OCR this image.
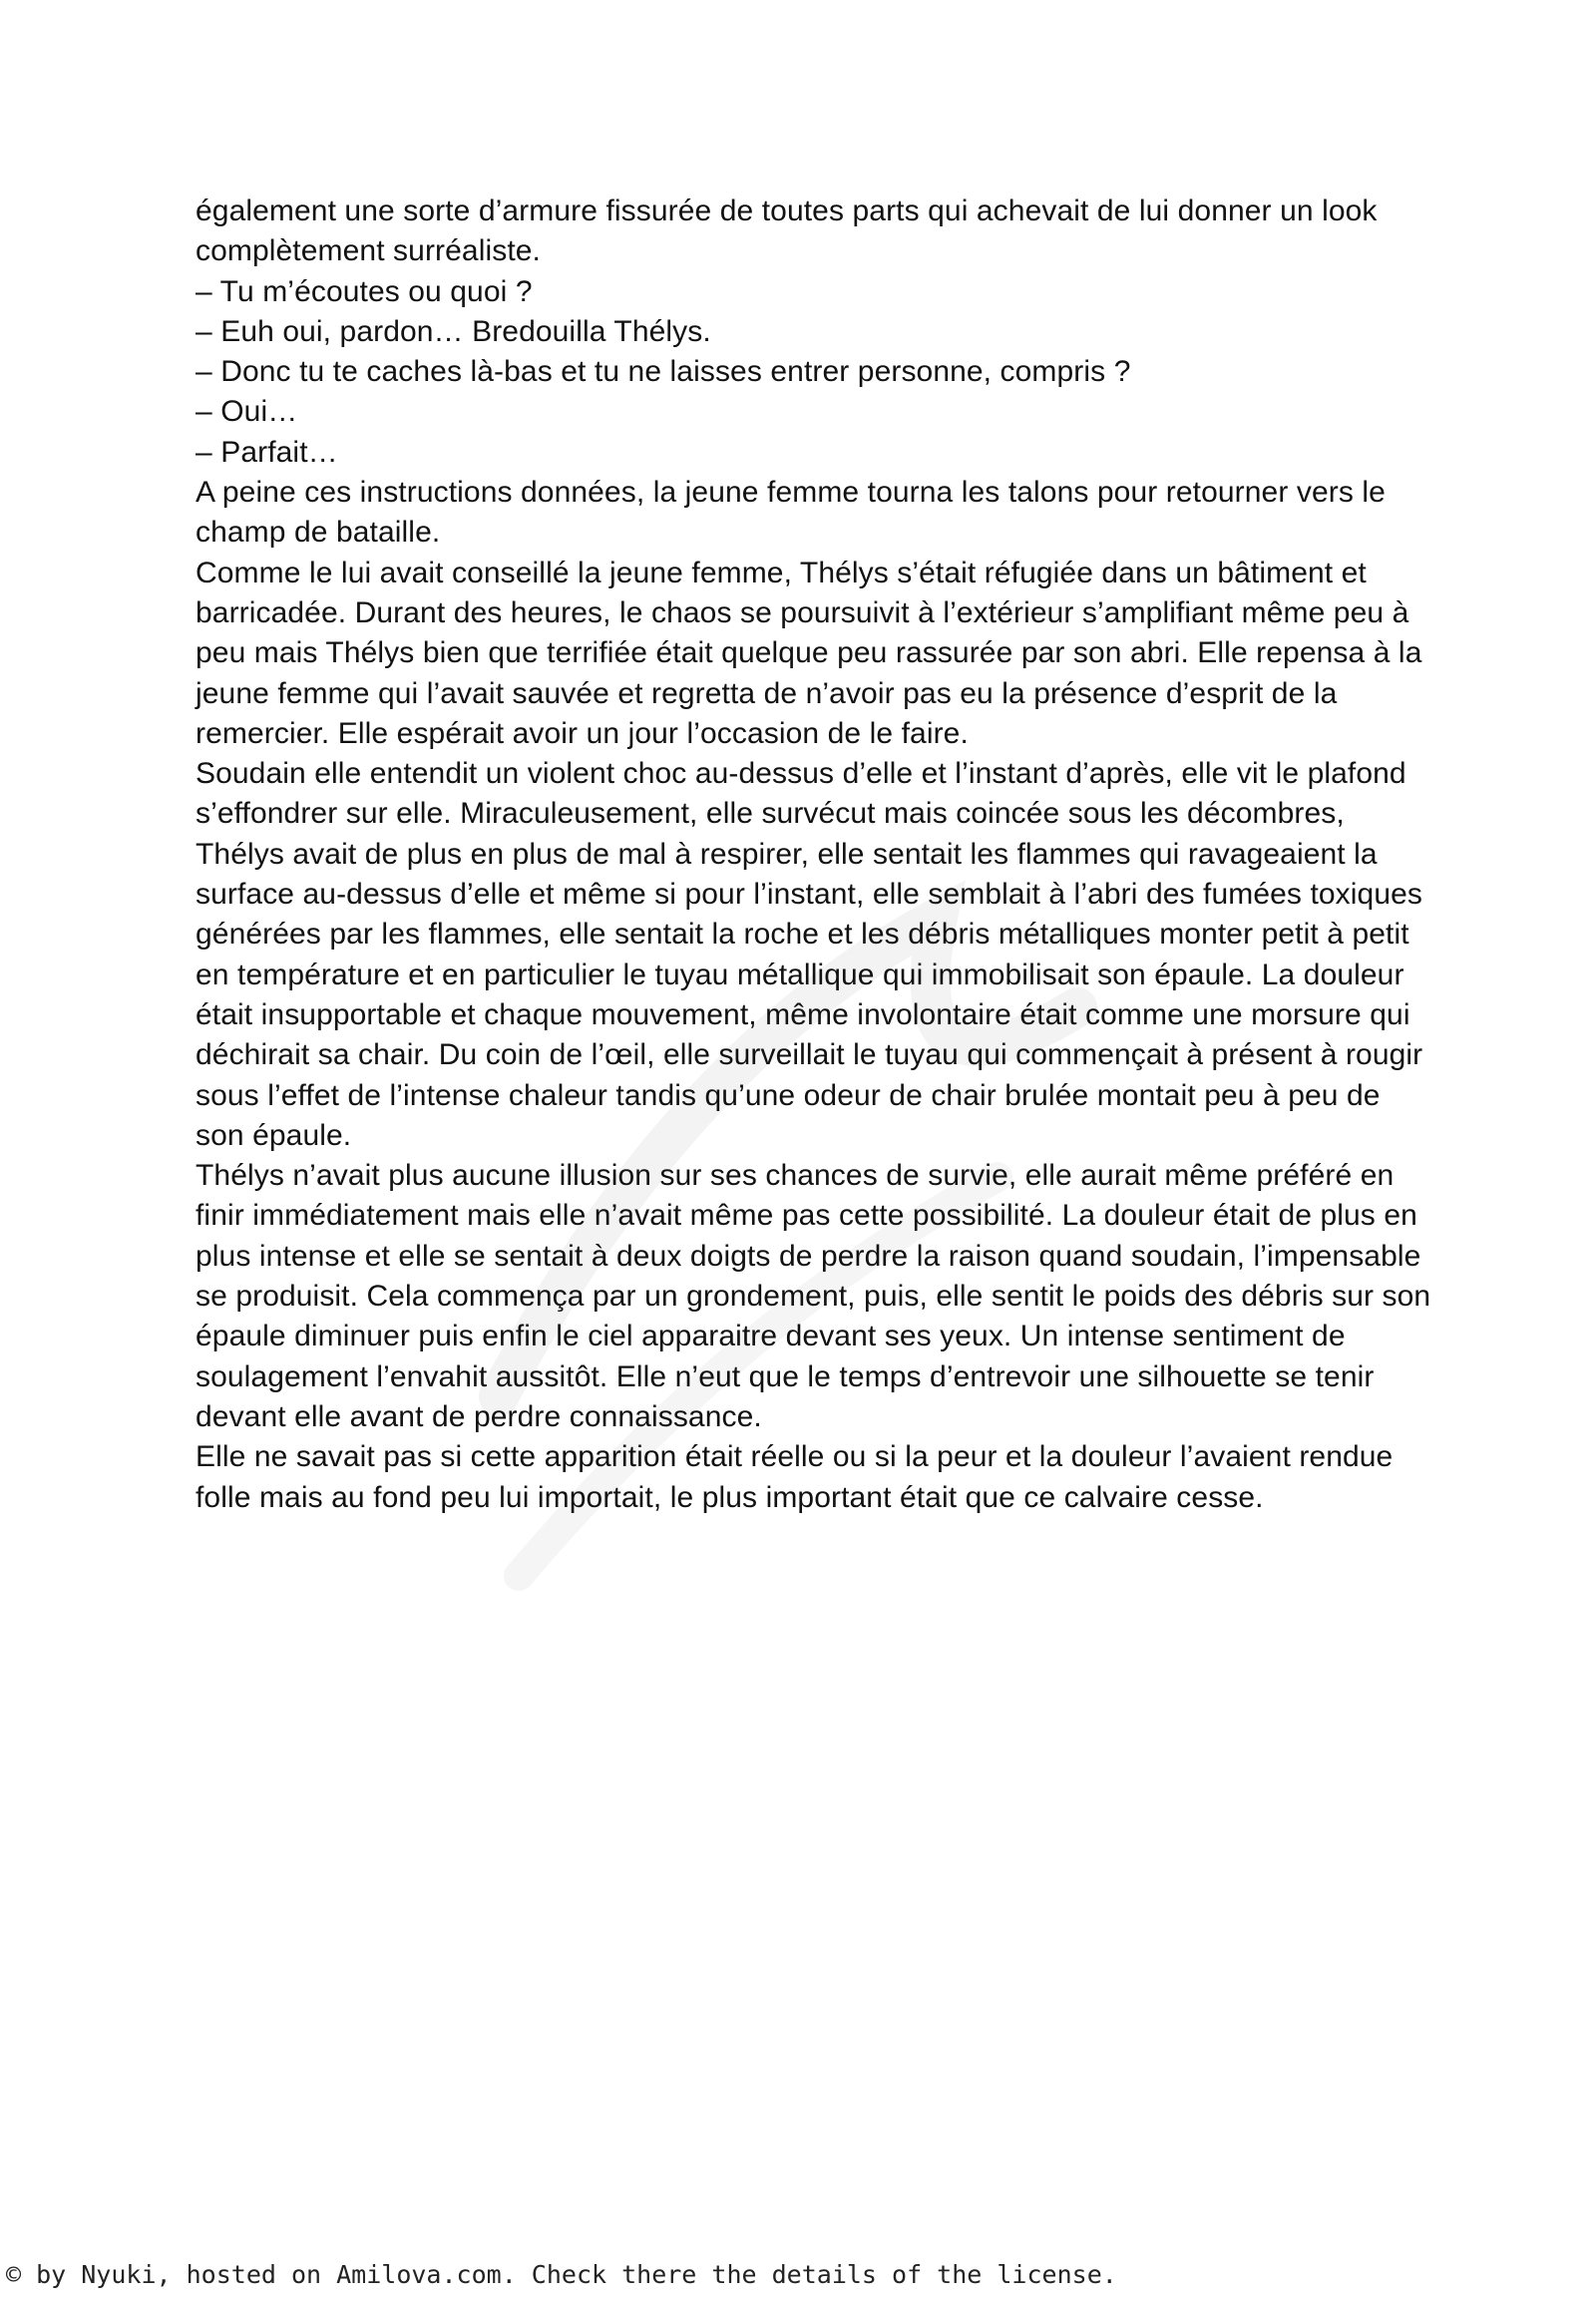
également une sorte d’armure fissurée de toutes parts qui achevait de lui donner un look complètement surréaliste.

– Tu m’écoutes ou quoi ?

– Euh oui, pardon… Bredouilla Thélys.

– Donc tu te caches là-bas et tu ne laisses entrer personne, compris ?

– Oui…

– Parfait…

A peine ces instructions données, la jeune femme tourna les talons pour retourner vers le champ de bataille.

Comme le lui avait conseillé la jeune femme, Thélys s’était réfugiée dans un bâtiment et barricadée. Durant des heures, le chaos se poursuivit à l’extérieur s’amplifiant même peu à peu mais Thélys bien que terrifiée était quelque peu rassurée par son abri. Elle repensa à la jeune femme qui l’avait sauvée et regretta de n’avoir pas eu la présence d’esprit de la remercier. Elle espérait avoir un jour l’occasion de le faire.

Soudain elle entendit un violent choc au-dessus d’elle et l’instant d’après, elle vit le plafond s’effondrer sur elle. Miraculeusement, elle survécut mais coincée sous les décombres, Thélys avait de plus en plus de mal à respirer, elle sentait les flammes qui ravageaient la surface au-dessus d’elle et même si pour l’instant, elle semblait à l’abri des fumées toxiques générées par les flammes, elle sentait la roche et les débris métalliques monter petit à petit en température et en particulier le tuyau métallique qui immobilisait son épaule. La douleur était insupportable et chaque mouvement, même involontaire était comme une morsure qui déchirait sa chair. Du coin de l’œil, elle surveillait le tuyau qui commençait à présent à rougir sous l’effet de l’intense chaleur tandis qu’une odeur de chair brulée montait peu à peu de son épaule.

Thélys n’avait plus aucune illusion sur ses chances de survie, elle aurait même préféré en finir immédiatement mais elle n’avait même pas cette possibilité. La douleur était de plus en plus intense et elle se sentait à deux doigts de perdre la raison quand soudain, l’impensable se produisit. Cela commença par un grondement, puis, elle sentit le poids des débris sur son épaule diminuer puis enfin le ciel apparaitre devant ses yeux. Un intense sentiment de soulagement l’envahit aussitôt. Elle n’eut que le temps d’entrevoir une silhouette se tenir devant elle avant de perdre connaissance.

Elle ne savait pas si cette apparition était réelle ou si la peur et la douleur l’avaient rendue folle mais au fond peu lui importait, le plus important était que ce calvaire cesse.

© by Nyuki, hosted on Amilova.com. Check there the details of the license.
